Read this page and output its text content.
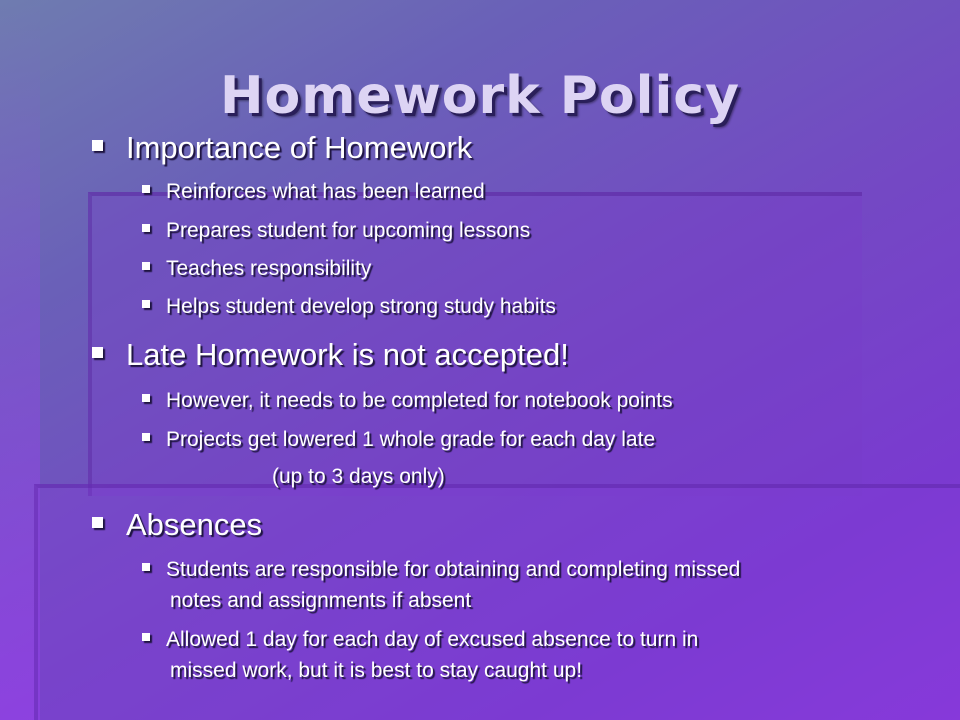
Homework Policy

Importance of Homework

Reinforces what has been learned

Prepares student for upcoming lessons

Teaches responsibility

Helps student develop strong study habits

Late Homework is not accepted!

However, it needs to be completed for notebook points

Projects get lowered 1 whole grade for each day late

(up to 3 days only)

Absences

Students are responsible for obtaining and completing missed

notes and assignments if absent

Allowed 1 day for each day of excused absence to turn in

missed work, but it is best to stay caught up!
